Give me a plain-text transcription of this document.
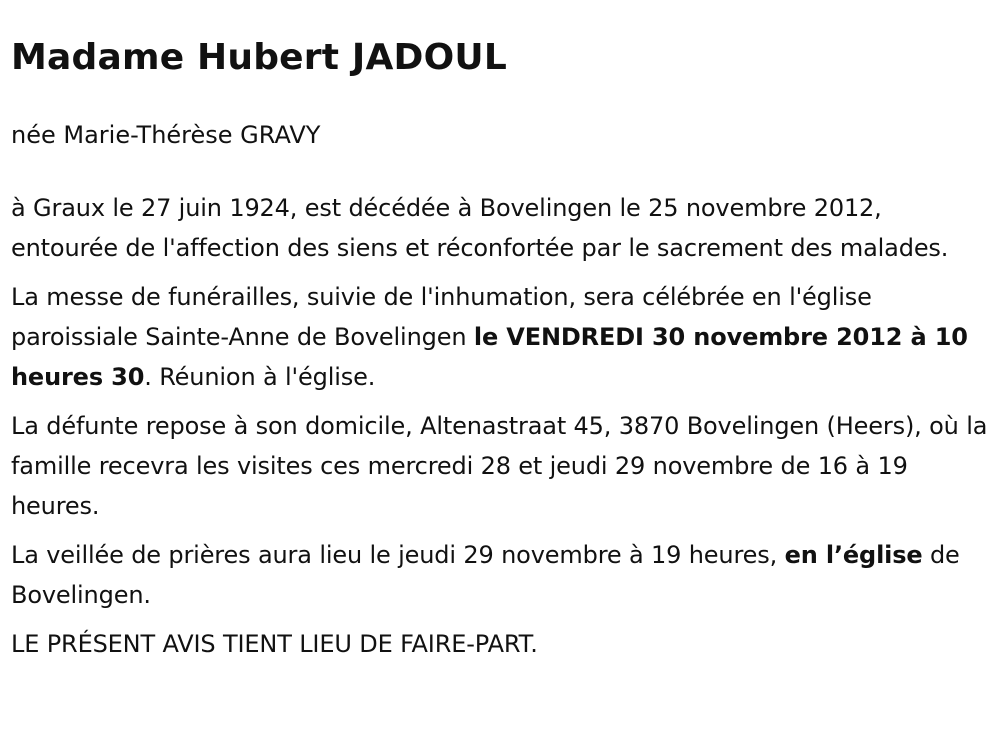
Madame Hubert JADOUL

née Marie-Thérèse GRAVY

à Graux le 27 juin 1924, est décédée à Bovelingen le 25 novembre 2012, entourée de l'affection des siens et réconfortée par le sacrement des malades.

La messe de funérailles, suivie de l'inhumation, sera célébrée en l'église paroissiale Sainte-Anne de Bovelingen le VENDREDI 30 novembre 2012 à 10 heures 30. Réunion à l'église.

La défunte repose à son domicile, Altenastraat 45, 3870 Bovelingen (Heers), où la famille recevra les visites ces mercredi 28 et jeudi 29 novembre de 16 à 19 heures.

La veillée de prières aura lieu le jeudi 29 novembre à 19 heures, en l’église de Bovelingen.

LE PRÉSENT AVIS TIENT LIEU DE FAIRE-PART.
